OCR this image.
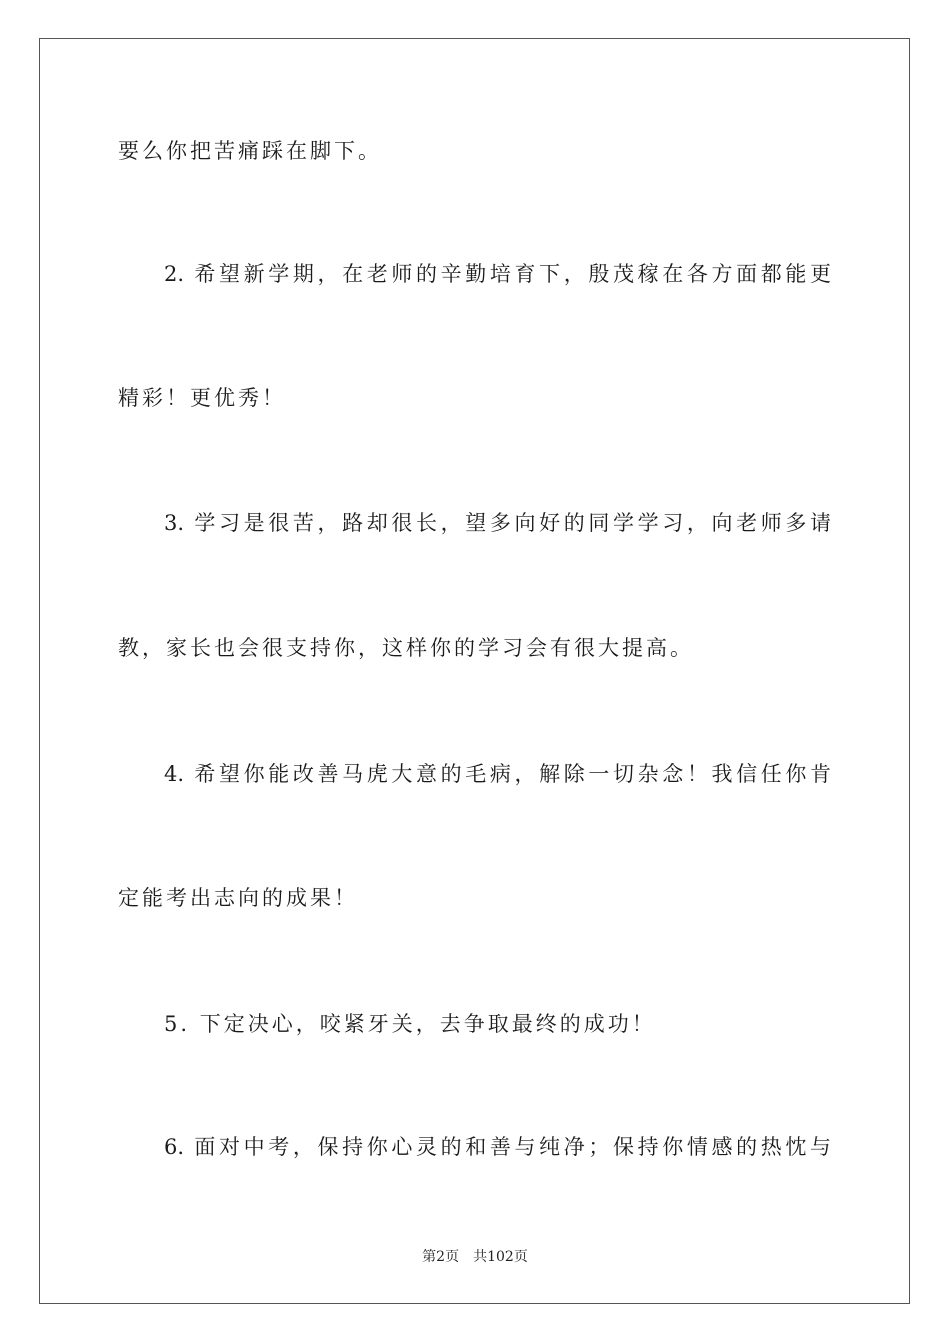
要么你把苦痛踩在脚下。
2. 希望新学期，在老师的辛勤培育下，殷茂稼在各方面都能更
精彩！更优秀！
3. 学习是很苦，路却很长，望多向好的同学学习，向老师多请
教，家长也会很支持你，这样你的学习会有很大提高。
4. 希望你能改善马虎大意的毛病，解除一切杂念！我信任你肯
定能考出志向的成果！
5. 下定决心，咬紧牙关，去争取最终的成功！
6. 面对中考，保持你心灵的和善与纯净；保持你情感的热忱与
第2页 共102页
